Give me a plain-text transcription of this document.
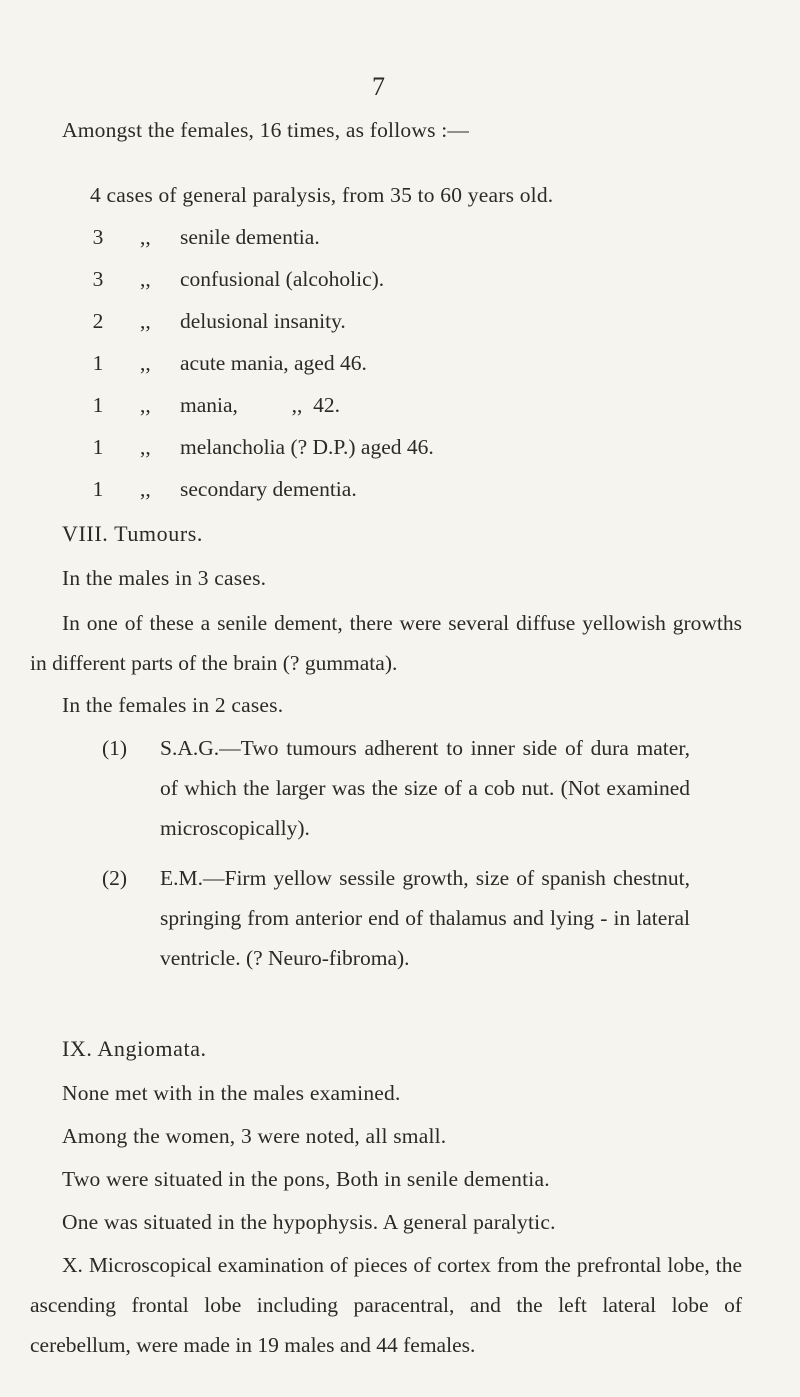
7
Amongst the females, 16 times, as follows :—
4 cases of general paralysis, from 35 to 60 years old.
3 ,, senile dementia.
3 ,, confusional (alcoholic).
2 ,, delusional insanity.
1 ,, acute mania, aged 46.
1 ,, mania,          ,,  42.
1 ,, melancholia (? D.P.) aged 46.
1 ,, secondary dementia.
VIII. Tumours.
In the males in 3 cases.
In one of these a senile dement, there were several diffuse yellowish growths in different parts of the brain (? gummata).
In the females in 2 cases.
(1) S.A.G.—Two tumours adherent to inner side of dura mater, of which the larger was the size of a cob nut. (Not examined microscopically).
(2) E.M.—Firm yellow sessile growth, size of spanish chestnut, springing from anterior end of thalamus and lying - in lateral ventricle. (? Neuro-fibroma).
IX. Angiomata.
None met with in the males examined.
Among the women, 3 were noted, all small.
Two were situated in the pons, Both in senile dementia.
One was situated in the hypophysis. A general paralytic.
X. Microscopical examination of pieces of cortex from the prefrontal lobe, the ascending frontal lobe including paracentral, and the left lateral lobe of cerebellum, were made in 19 males and 44 females.
